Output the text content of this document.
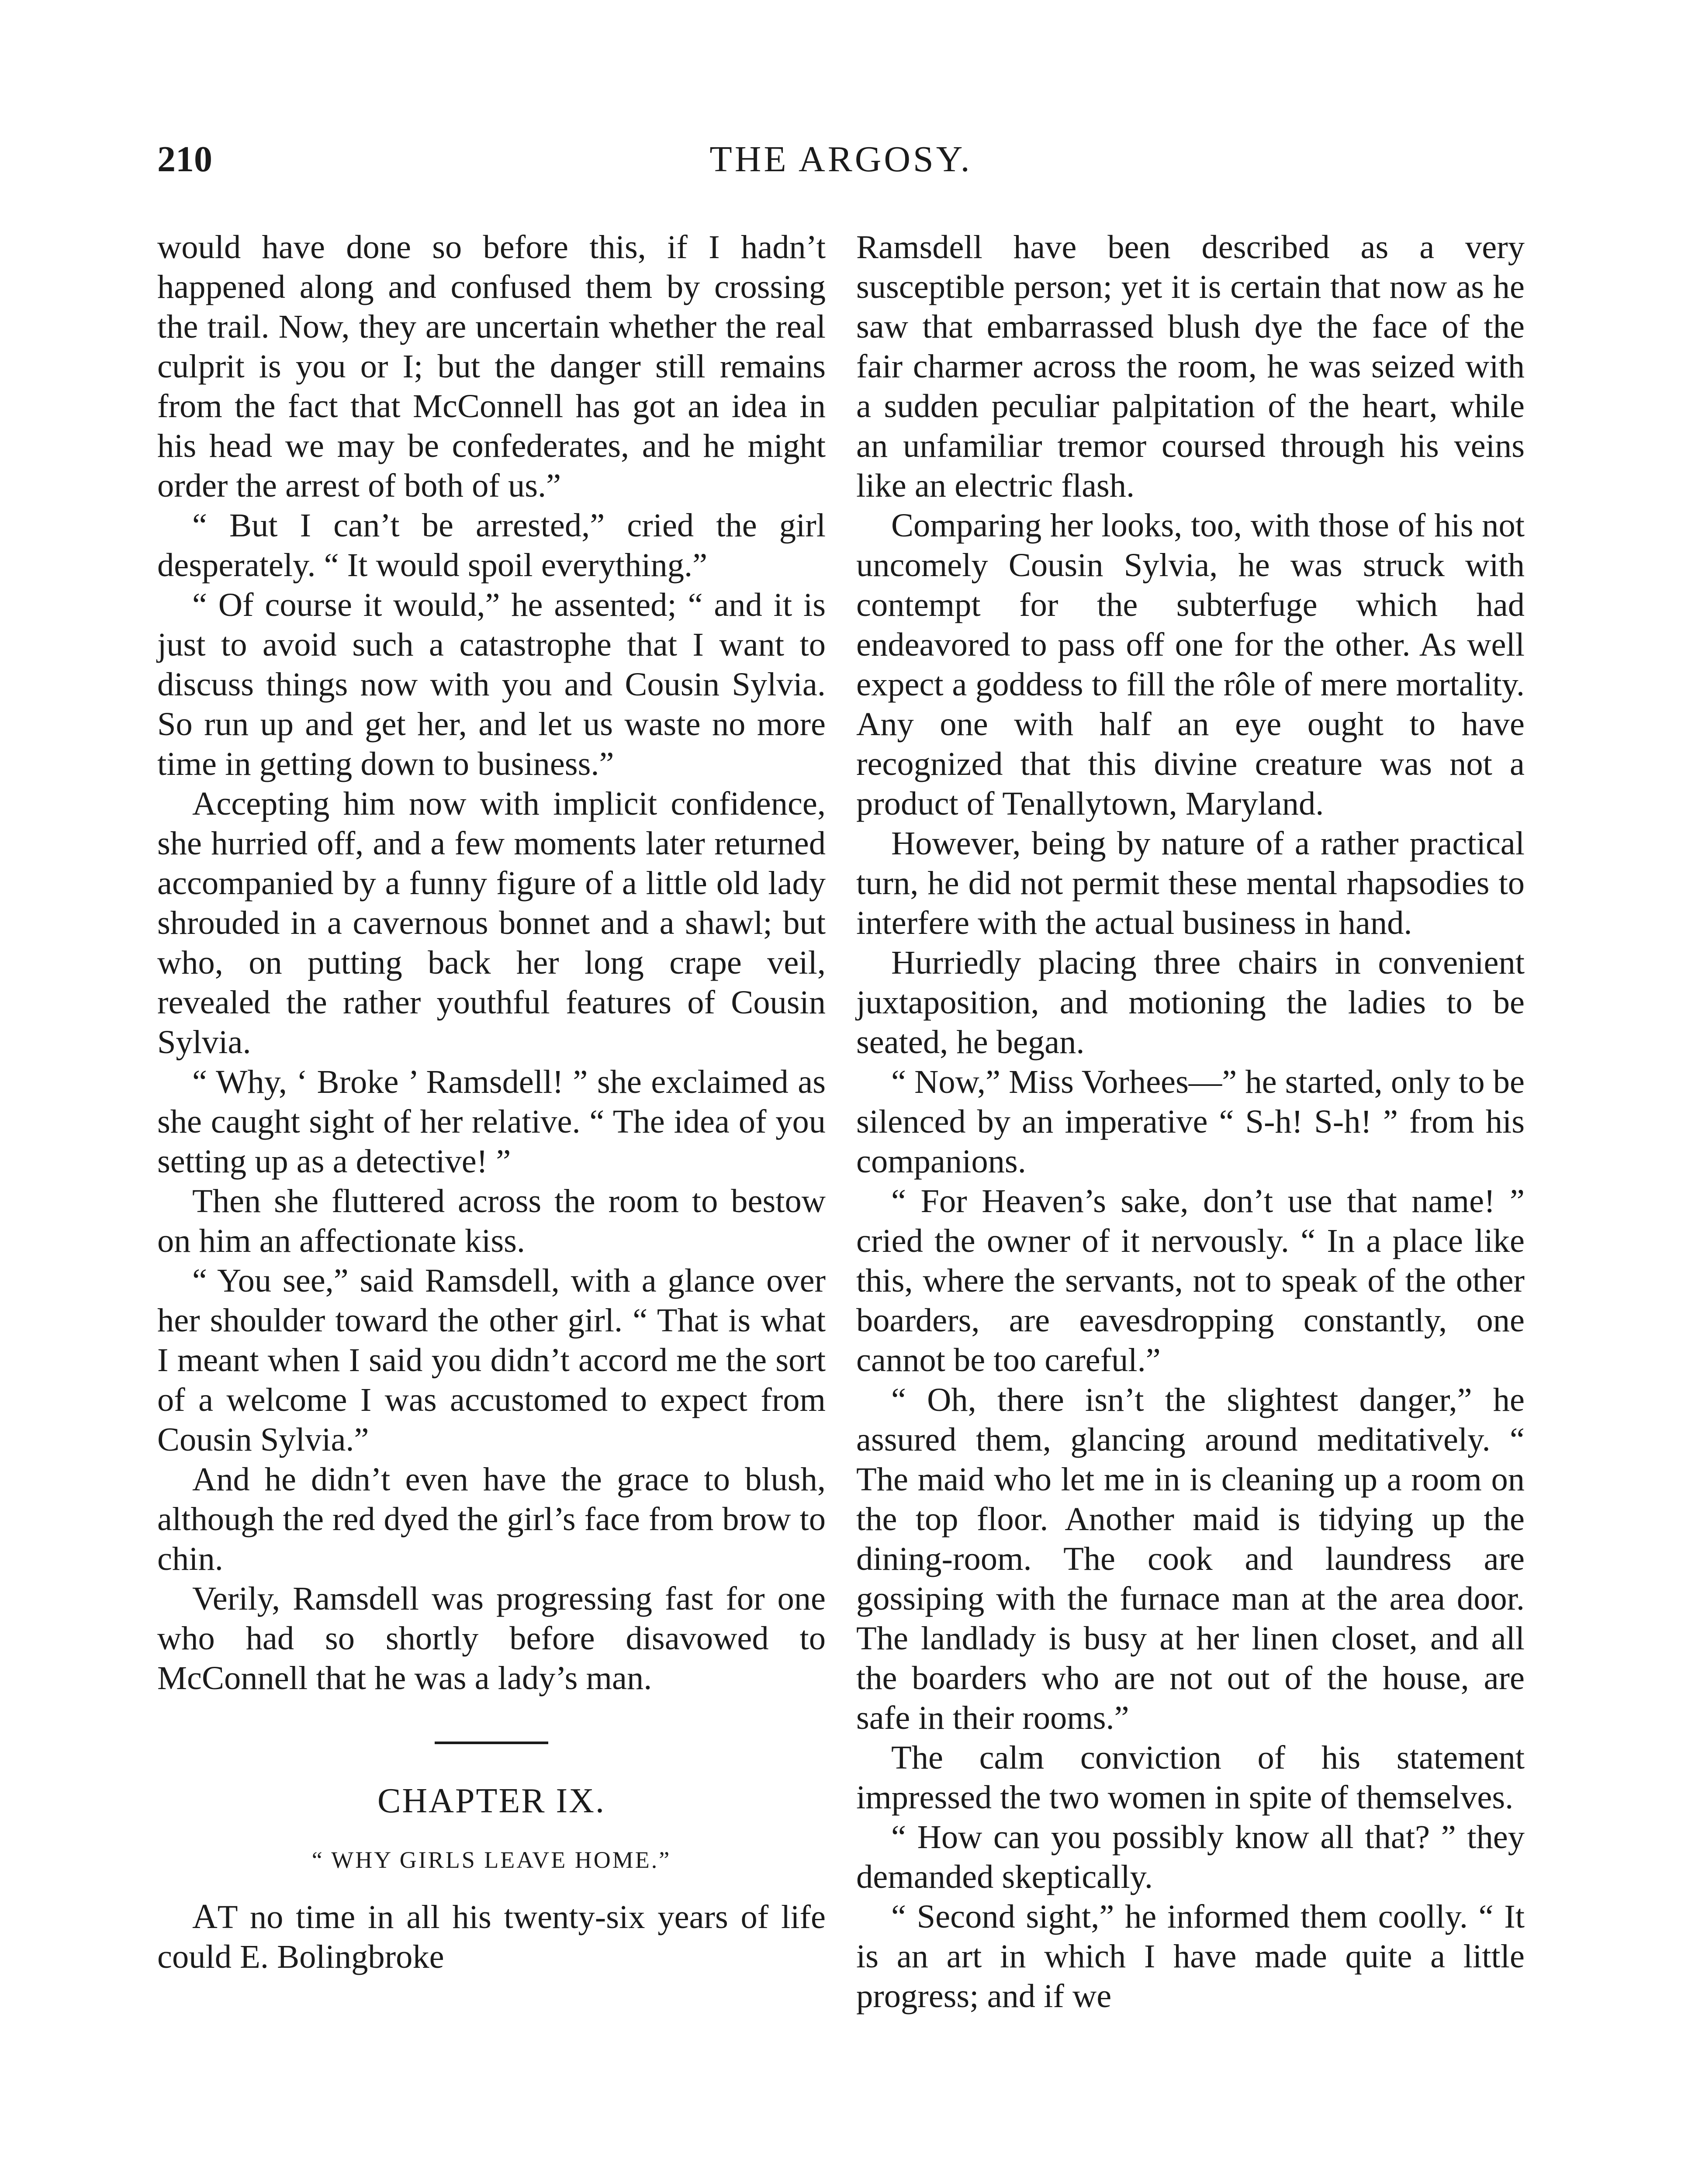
210	THE ARGOSY.

would have done so before this, if I hadn’t happened along and confused them by crossing the trail. Now, they are uncertain whether the real culprit is you or I; but the danger still remains from the fact that McConnell has got an idea in his head we may be confederates, and he might order the arrest of both of us.”

“ But I can’t be arrested,” cried the girl desperately. “ It would spoil everything.”

“ Of course it would,” he assented; “ and it is just to avoid such a catastrophe that I want to discuss things now with you and Cousin Sylvia. So run up and get her, and let us waste no more time in getting down to business.”

Accepting him now with implicit confidence, she hurried off, and a few moments later returned accompanied by a funny figure of a little old lady shrouded in a cavernous bonnet and a shawl; but who, on putting back her long crape veil, revealed the rather youthful features of Cousin Sylvia.

“ Why, ‘ Broke ’ Ramsdell! ” she exclaimed as she caught sight of her relative. “ The idea of you setting up as a detective! ”

Then she fluttered across the room to bestow on him an affectionate kiss.

“ You see,” said Ramsdell, with a glance over her shoulder toward the other girl. “ That is what I meant when I said you didn’t accord me the sort of a welcome I was accustomed to expect from Cousin Sylvia.”

And he didn’t even have the grace to blush, although the red dyed the girl’s face from brow to chin.

Verily, Ramsdell was progressing fast for one who had so shortly before disavowed to McConnell that he was a lady’s man.

CHAPTER IX.
“ WHY GIRLS LEAVE HOME.”

AT no time in all his twenty-six years of life could E. Bolingbroke

Ramsdell have been described as a very susceptible person; yet it is certain that now as he saw that embarrassed blush dye the face of the fair charmer across the room, he was seized with a sudden peculiar palpitation of the heart, while an unfamiliar tremor coursed through his veins like an electric flash.

Comparing her looks, too, with those of his not uncomely Cousin Sylvia, he was struck with contempt for the subterfuge which had endeavored to pass off one for the other. As well expect a goddess to fill the rôle of mere mortality. Any one with half an eye ought to have recognized that this divine creature was not a product of Tenallytown, Maryland.

However, being by nature of a rather practical turn, he did not permit these mental rhapsodies to interfere with the actual business in hand.

Hurriedly placing three chairs in convenient juxtaposition, and motioning the ladies to be seated, he began.

“ Now,” Miss Vorhees—” he started, only to be silenced by an imperative “ S-h! S-h! ” from his companions.

“ For Heaven’s sake, don’t use that name! ” cried the owner of it nervously. “ In a place like this, where the servants, not to speak of the other boarders, are eavesdropping constantly, one cannot be too careful.”

“ Oh, there isn’t the slightest danger,” he assured them, glancing around meditatively. “ The maid who let me in is cleaning up a room on the top floor. Another maid is tidying up the dining-room. The cook and laundress are gossiping with the furnace man at the area door. The landlady is busy at her linen closet, and all the boarders who are not out of the house, are safe in their rooms.”

The calm conviction of his statement impressed the two women in spite of themselves.

“ How can you possibly know all that? ” they demanded skeptically.

“ Second sight,” he informed them coolly. “ It is an art in which I have made quite a little progress; and if we
